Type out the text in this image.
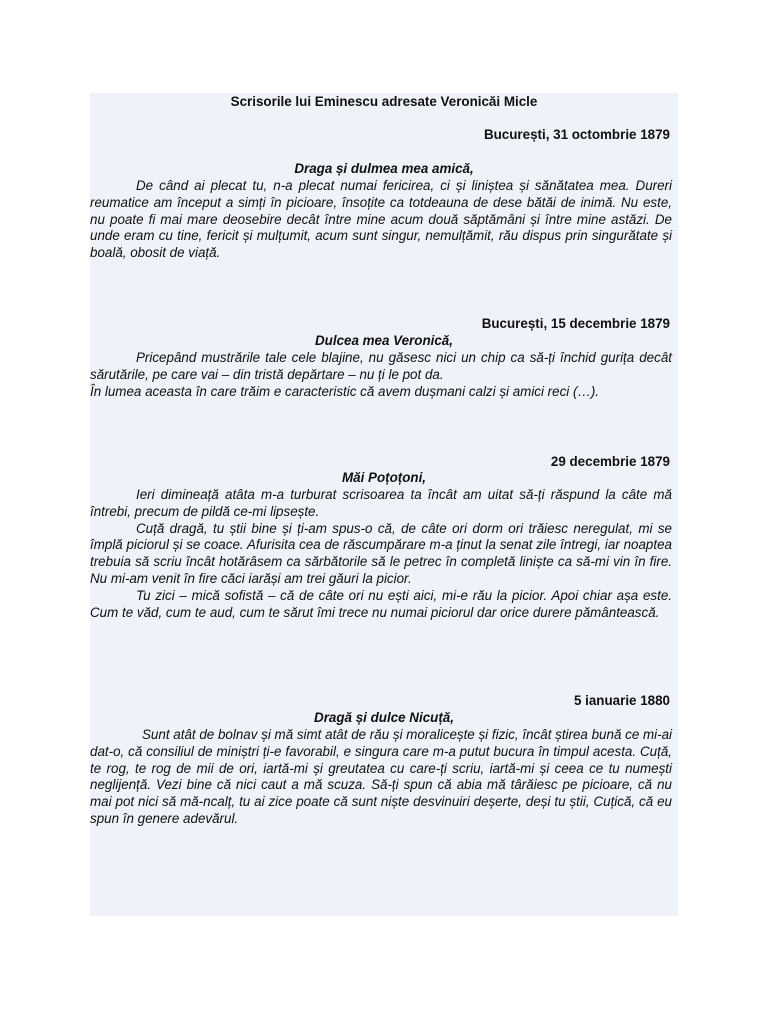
Scrisorile lui Eminescu adresate Veronicăi Micle
București, 31 octombrie 1879
Draga și dulmea mea amică,

De când ai plecat tu, n-a plecat numai fericirea, ci și liniștea și sănătatea mea. Dureri reumatice am început a simți în picioare, însoțite ca totdeauna de dese bătăi de inimă. Nu este, nu poate fi mai mare deosebire decât între mine acum două săptămâni și între mine astăzi. De unde eram cu tine, fericit și mulțumit, acum sunt singur, nemulțămit, rău dispus prin singurătate și boală, obosit de viață.

București, 15 decembrie 1879
Dulcea mea Veronică,

Pricepând mustrările tale cele blajine, nu găsesc nici un chip ca să-ți închid gurița decât sărutările, pe care vai – din tristă depărtare – nu ți le pot da.

În lumea aceasta în care trăim e caracteristic că avem dușmani calzi și amici reci (…).

29 decembrie 1879
Măi Poțoțoni,

Ieri dimineață atâta m-a turburat scrisoarea ta încât am uitat să-ți răspund la câte mă întrebi, precum de pildă ce-mi lipsește.

Cuță dragă, tu știi bine și ți-am spus-o că, de câte ori dorm ori trăiesc neregulat, mi se împlă piciorul și se coace. Afurisita cea de răscumpărare m-a ținut la senat zile întregi, iar noaptea trebuia să scriu încât hotărâsem ca sărbătorile să le petrec în completă liniște ca să-mi vin în fire. Nu mi-am venit în fire căci iarăși am trei găuri la picior.

Tu zici – mică sofistă – că de câte ori nu ești aici, mi-e rău la picior. Apoi chiar așa este. Cum te văd, cum te aud, cum te sărut îmi trece nu numai piciorul dar orice durere pământească.

5 ianuarie 1880
Dragă și dulce Nicuță,

Sunt atât de bolnav și mă simt atât de rău și moralicește și fizic, încât știrea bună ce mi-ai dat-o, că consiliul de miniștri ți-e favorabil, e singura care m-a putut bucura în timpul acesta. Cuță, te rog, te rog de mii de ori, iartă-mi și greutatea cu care-ți scriu, iartă-mi și ceea ce tu numești neglijență. Vezi bine că nici caut a mă scuza. Să-ți spun că abia mă târăiesc pe picioare, că nu mai pot nici să mă-ncalț, tu ai zice poate că sunt niște desvinuiri deșerte, deși tu știi, Cuțică, că eu spun în genere adevărul.
